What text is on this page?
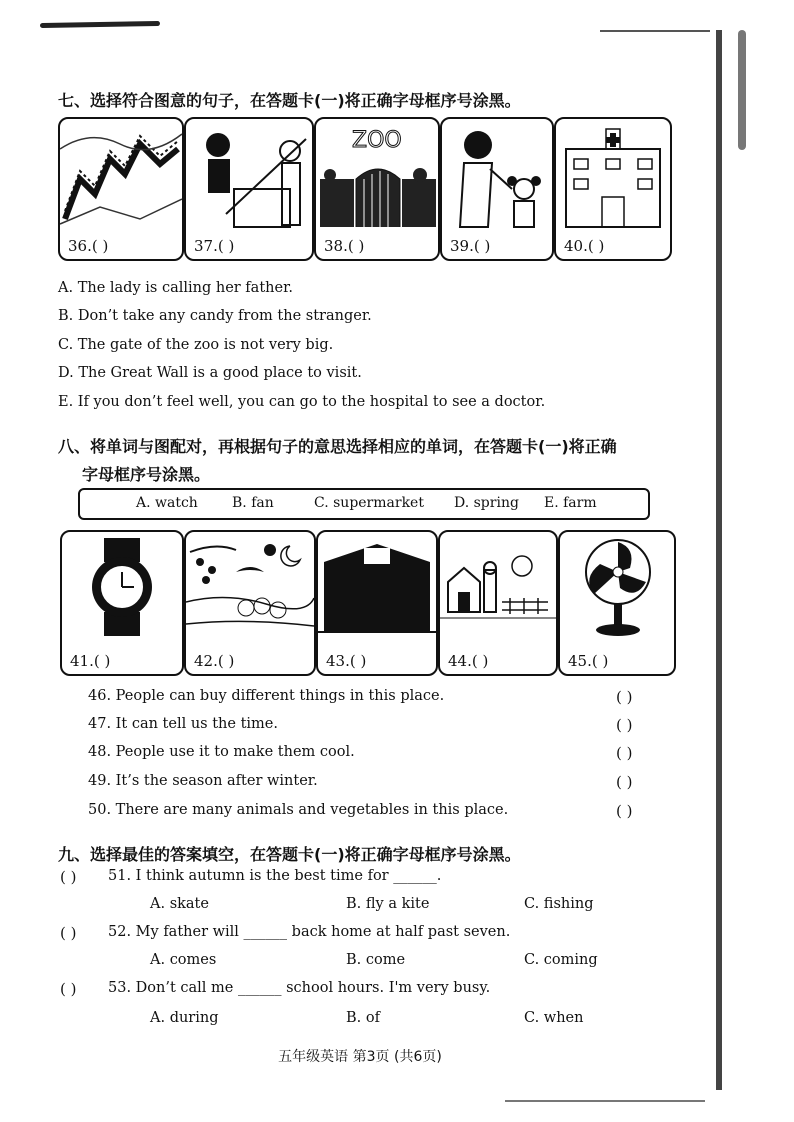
七、选择符合图意的句子，在答题卡(一)将正确字母框序号涂黑。
36.( )	37.( )
ZOO
38.( )	39.( )	40.( )
A. The lady is calling her father.
B. Don’t take any candy from the stranger.
C. The gate of the zoo is not very big.
D. The Great Wall is a good place to visit.
E. If you don’t feel well, you can go to the hospital to see a doctor.
八、将单词与图配对，再根据句子的意思选择相应的单词，在答题卡(一)将正确
字母框序号涂黑。
A. watch B. fan	C. supermarket D. spring E. farm
41.( )	42.( )	43.( )	44.( )	45.( )
46. People can buy different things in this place.	( )
47. It can tell us the time.	( )
48. People use it to make them cool.	( )
49. It’s the season after winter.	( )
50. There are many animals and vegetables in this place.	( )
九、选择最佳的答案填空，在答题卡(一)将正确字母框序号涂黑。
( ) 51. I think autumn is the best time for ______.
A. skate	B. fly a kite	C. fishing
( ) 52. My father will ______ back home at half past seven.
A. comes	B. come	C. coming
( ) 53. Don’t call me ______ school hours. I'm very busy.
A. during	B. of	C. when
五年级英语 第3页 (共6页)
